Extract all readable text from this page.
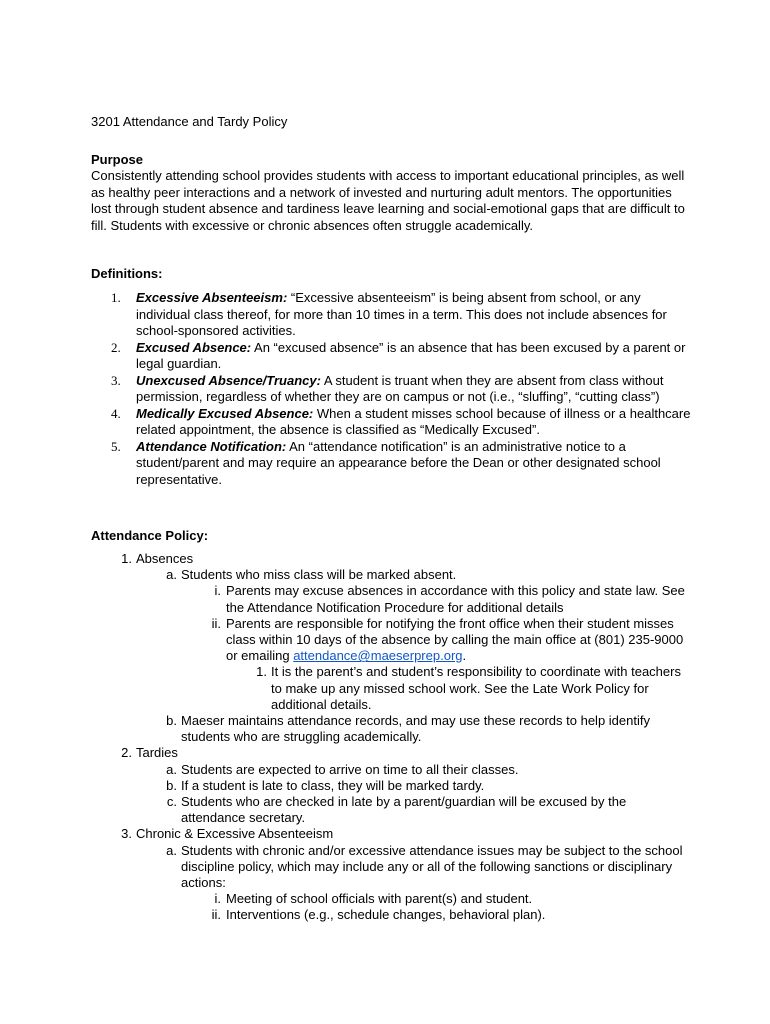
3201 Attendance and Tardy Policy
Purpose

Consistently attending school provides students with access to important educational principles, as well as healthy peer interactions and a network of invested and nurturing adult mentors. The opportunities lost through student absence and tardiness leave learning and social-emotional gaps that are difficult to fill. Students with excessive or chronic absences often struggle academically.

Definitions:
1. Excessive Absenteeism: “Excessive absenteeism” is being absent from school, or any individual class thereof, for more than 10 times in a term. This does not include absences for school-sponsored activities.
2. Excused Absence: An “excused absence” is an absence that has been excused by a parent or legal guardian.
3. Unexcused Absence/Truancy: A student is truant when they are absent from class without permission, regardless of whether they are on campus or not (i.e., “sluffing”, “cutting class”)
4. Medically Excused Absence: When a student misses school because of illness or a healthcare related appointment, the absence is classified as “Medically Excused”.
5. Attendance Notification: An “attendance notification” is an administrative notice to a student/parent and may require an appearance before the Dean or other designated school representative.
Attendance Policy:
1. Absences
a. Students who miss class will be marked absent.
i. Parents may excuse absences in accordance with this policy and state law. See the Attendance Notification Procedure for additional details
ii. Parents are responsible for notifying the front office when their student misses class within 10 days of the absence by calling the main office at (801) 235-9000 or emailing attendance@maeserprep.org.
1. It is the parent’s and student’s responsibility to coordinate with teachers to make up any missed school work. See the Late Work Policy for additional details.
b. Maeser maintains attendance records, and may use these records to help identify students who are struggling academically.
2. Tardies
a. Students are expected to arrive on time to all their classes.
b. If a student is late to class, they will be marked tardy.
c. Students who are checked in late by a parent/guardian will be excused by the attendance secretary.
3. Chronic & Excessive Absenteeism
a. Students with chronic and/or excessive attendance issues may be subject to the school discipline policy, which may include any or all of the following sanctions or disciplinary actions:
i. Meeting of school officials with parent(s) and student.
ii. Interventions (e.g., schedule changes, behavioral plan).
